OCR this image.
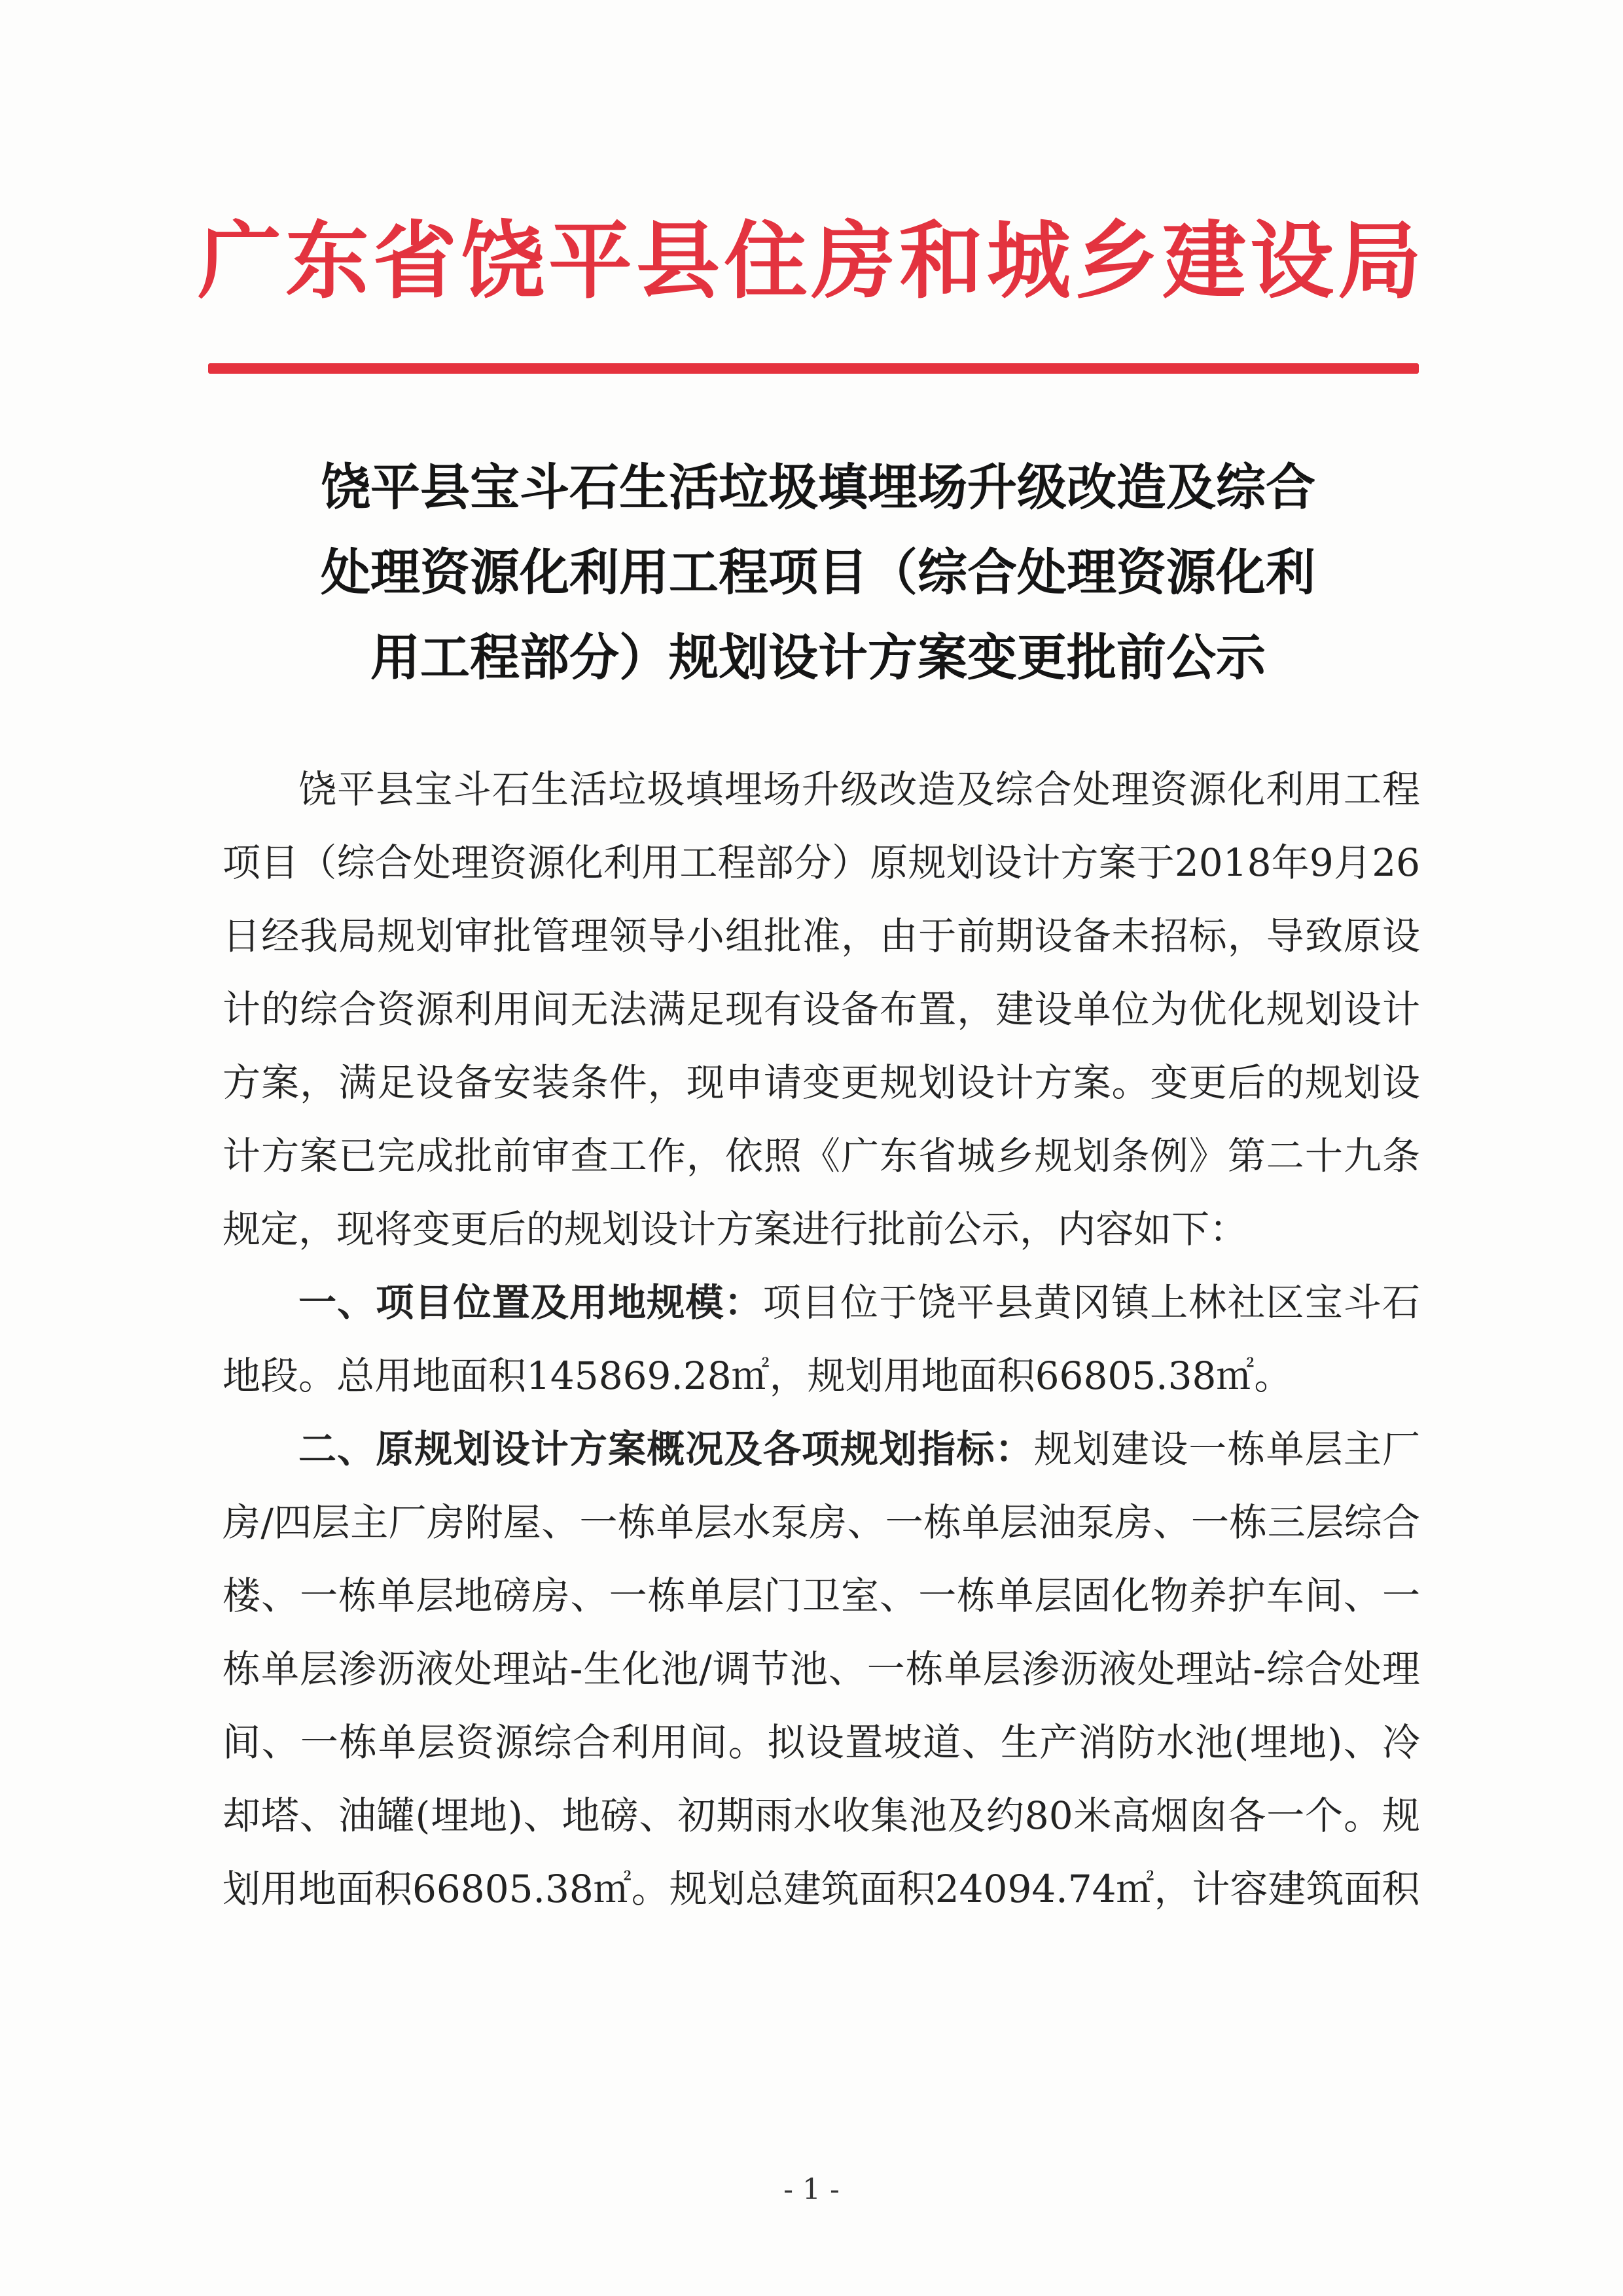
广东省饶平县住房和城乡建设局
饶平县宝斗石生活垃圾填埋场升级改造及综合
处理资源化利用工程项目（综合处理资源化利
用工程部分）规划设计方案变更批前公示

饶平县宝斗石生活垃圾填埋场升级改造及综合处理资源化利用工程项目（综合处理资源化利用工程部分）原规划设计方案于2018年9月26日经我局规划审批管理领导小组批准，由于前期设备未招标，导致原设计的综合资源利用间无法满足现有设备布置，建设单位为优化规划设计方案，满足设备安装条件，现申请变更规划设计方案。变更后的规划设计方案已完成批前审查工作，依照《广东省城乡规划条例》第二十九条规定，现将变更后的规划设计方案进行批前公示，内容如下：

一、项目位置及用地规模：项目位于饶平县黄冈镇上林社区宝斗石地段。总用地面积145869.28㎡，规划用地面积66805.38㎡。

二、原规划设计方案概况及各项规划指标：规划建设一栋单层主厂房/四层主厂房附屋、一栋单层水泵房、一栋单层油泵房、一栋三层综合楼、一栋单层地磅房、一栋单层门卫室、一栋单层固化物养护车间、一栋单层渗沥液处理站-生化池/调节池、一栋单层渗沥液处理站-综合处理间、一栋单层资源综合利用间。拟设置坡道、生产消防水池(埋地)、冷却塔、油罐(埋地)、地磅、初期雨水收集池及约80米高烟囱各一个。规划用地面积66805.38㎡。规划总建筑面积24094.74㎡，计容建筑面积

- 1 -
